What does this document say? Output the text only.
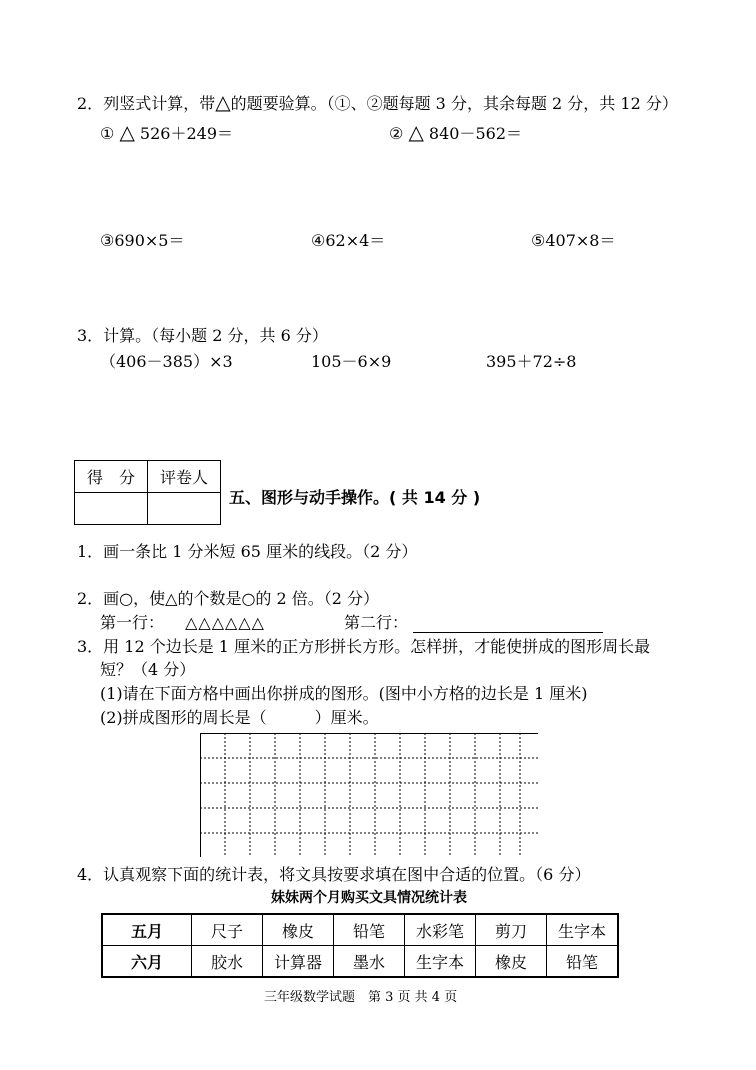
2．列竖式计算，带△的题要验算。（①、②题每题 3 分，其余每题 2 分，共 12 分）
① △ 526＋249＝	② △ 840－562＝
③690×5＝	④62×4＝	⑤407×8＝
3．计算。（每小题 2 分，共 6 分）
（406－385）×3	105－6×9	395＋72÷8
得　分	评卷人

五、图形与动手操作。( 共 14 分 )
1．画一条比 1 分米短 65 厘米的线段。（2 分）
2．画○，使△的个数是○的 2 倍。（2 分）
第一行： △△△△△△	第二行：
3．用 12 个边长是 1 厘米的正方形拼长方形。怎样拼，才能使拼成的图形周长最
短？（4 分）
(1)请在下面方格中画出你拼成的图形。(图中小方格的边长是 1 厘米)
(2)拼成图形的周长是（　　　）厘米。
4．认真观察下面的统计表，将文具按要求填在图中合适的位置。（6 分）
妹妹两个月购买文具情况统计表
五月	尺子	橡皮	铅笔	水彩笔	剪刀	生字本
六月	胶水	计算器	墨水	生字本	橡皮	铅笔
三年级数学试题　第 3 页 共 4 页
